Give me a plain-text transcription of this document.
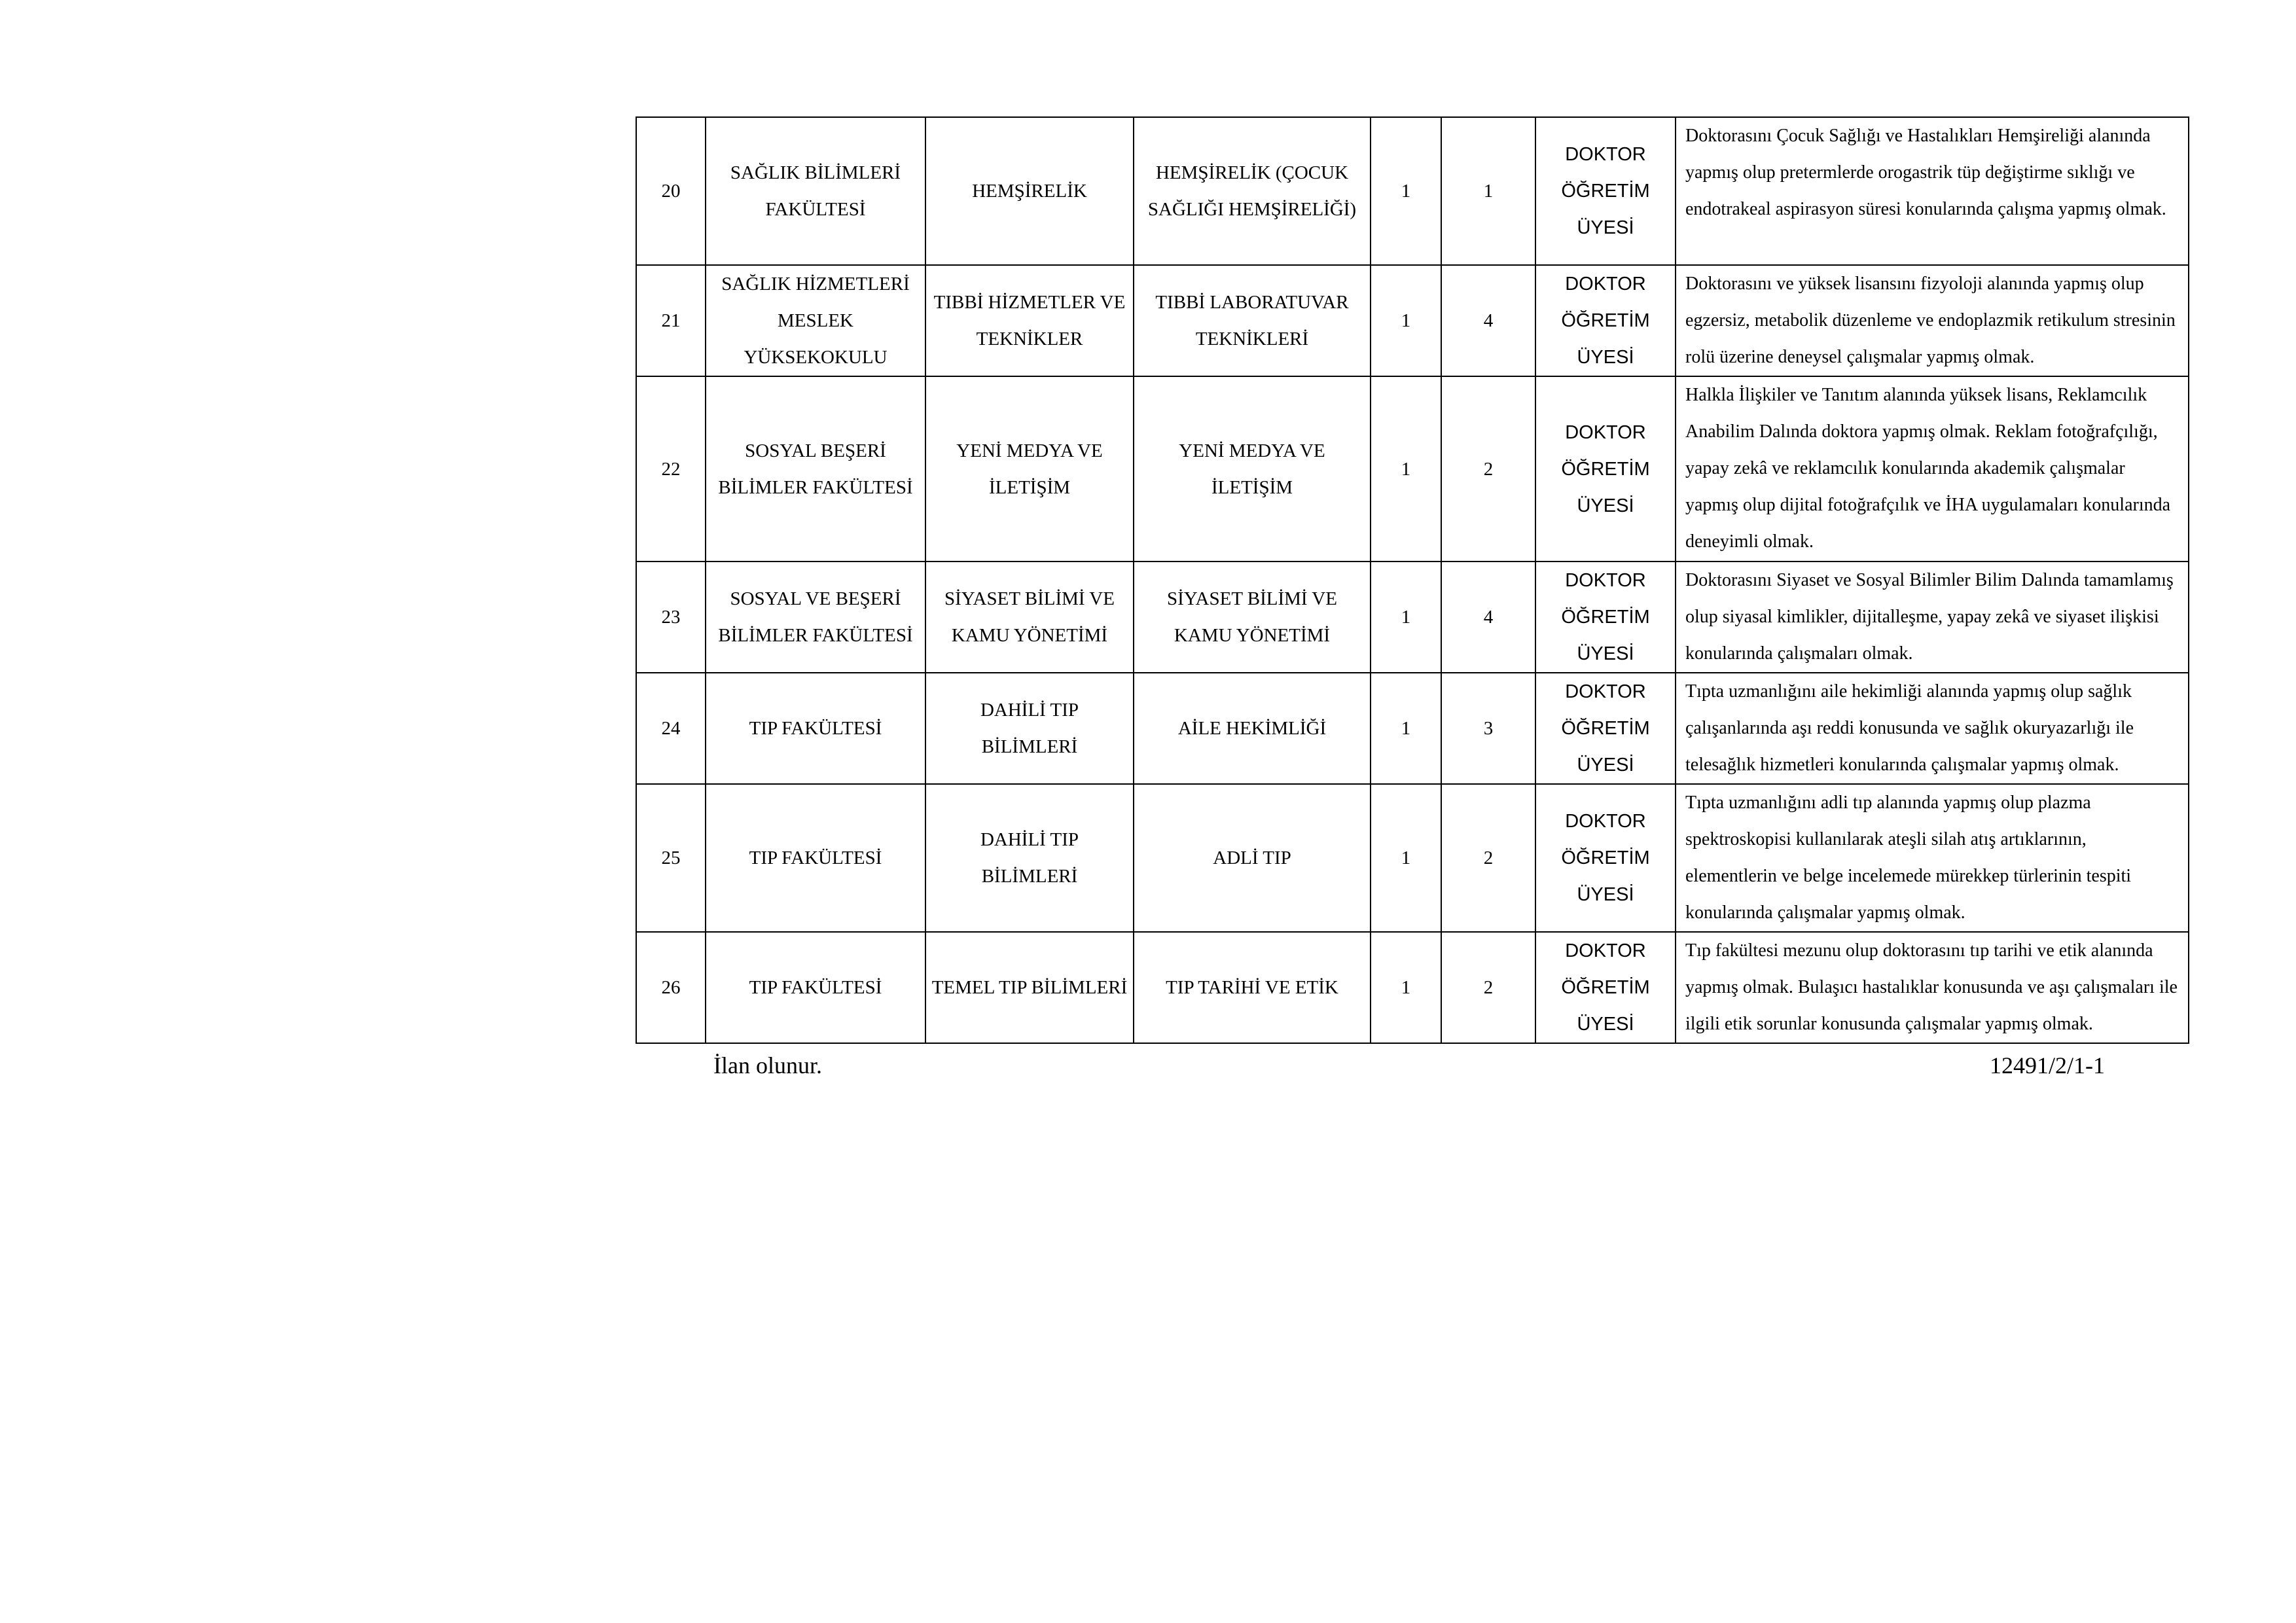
20	SAĞLIK BİLİMLERİ FAKÜLTESİ	HEMŞİRELİK	HEMŞİRELİK (ÇOCUK SAĞLIĞI HEMŞİRELİĞİ)	1	1	DOKTOR ÖĞRETİM ÜYESİ	Doktorasını Çocuk Sağlığı ve Hastalıkları Hemşireliği alanında yapmış olup pretermlerde orogastrik tüp değiştirme sıklığı ve endotrakeal aspirasyon süresi konularında çalışma yapmış olmak.
21	SAĞLIK HİZMETLERİ MESLEK YÜKSEKOKULU	TIBBİ HİZMETLER VE TEKNİKLER	TIBBİ LABORATUVAR TEKNİKLERİ	1	4	DOKTOR ÖĞRETİM ÜYESİ	Doktorasını ve yüksek lisansını fizyoloji alanında yapmış olup egzersiz, metabolik düzenleme ve endoplazmik retikulum stresinin rolü üzerine deneysel çalışmalar yapmış olmak.
22	SOSYAL BEŞERİ BİLİMLER FAKÜLTESİ	YENİ MEDYA VE İLETİŞİM	YENİ MEDYA VE İLETİŞİM	1	2	DOKTOR ÖĞRETİM ÜYESİ	Halkla İlişkiler ve Tanıtım alanında yüksek lisans, Reklamcılık Anabilim Dalında doktora yapmış olmak. Reklam fotoğrafçılığı, yapay zekâ ve reklamcılık konularında akademik çalışmalar yapmış olup dijital fotoğrafçılık ve İHA uygulamaları konularında deneyimli olmak.
23	SOSYAL VE BEŞERİ BİLİMLER FAKÜLTESİ	SİYASET BİLİMİ VE KAMU YÖNETİMİ	SİYASET BİLİMİ VE KAMU YÖNETİMİ	1	4	DOKTOR ÖĞRETİM ÜYESİ	Doktorasını Siyaset ve Sosyal Bilimler Bilim Dalında tamamlamış olup siyasal kimlikler, dijitalleşme, yapay zekâ ve siyaset ilişkisi konularında çalışmaları olmak.
24	TIP FAKÜLTESİ	DAHİLİ TIP BİLİMLERİ	AİLE HEKİMLİĞİ	1	3	DOKTOR ÖĞRETİM ÜYESİ	Tıpta uzmanlığını aile hekimliği alanında yapmış olup sağlık çalışanlarında aşı reddi konusunda ve sağlık okuryazarlığı ile telesağlık hizmetleri konularında çalışmalar yapmış olmak.
25	TIP FAKÜLTESİ	DAHİLİ TIP BİLİMLERİ	ADLİ TIP	1	2	DOKTOR ÖĞRETİM ÜYESİ	Tıpta uzmanlığını adli tıp alanında yapmış olup plazma spektroskopisi kullanılarak ateşli silah atış artıklarının, elementlerin ve belge incelemede mürekkep türlerinin tespiti konularında çalışmalar yapmış olmak.
26	TIP FAKÜLTESİ	TEMEL TIP BİLİMLERİ	TIP TARİHİ VE ETİK	1	2	DOKTOR ÖĞRETİM ÜYESİ	Tıp fakültesi mezunu olup doktorasını tıp tarihi ve etik alanında yapmış olmak. Bulaşıcı hastalıklar konusunda ve aşı çalışmaları ile ilgili etik sorunlar konusunda çalışmalar yapmış olmak.
İlan olunur.	12491/2/1-1
